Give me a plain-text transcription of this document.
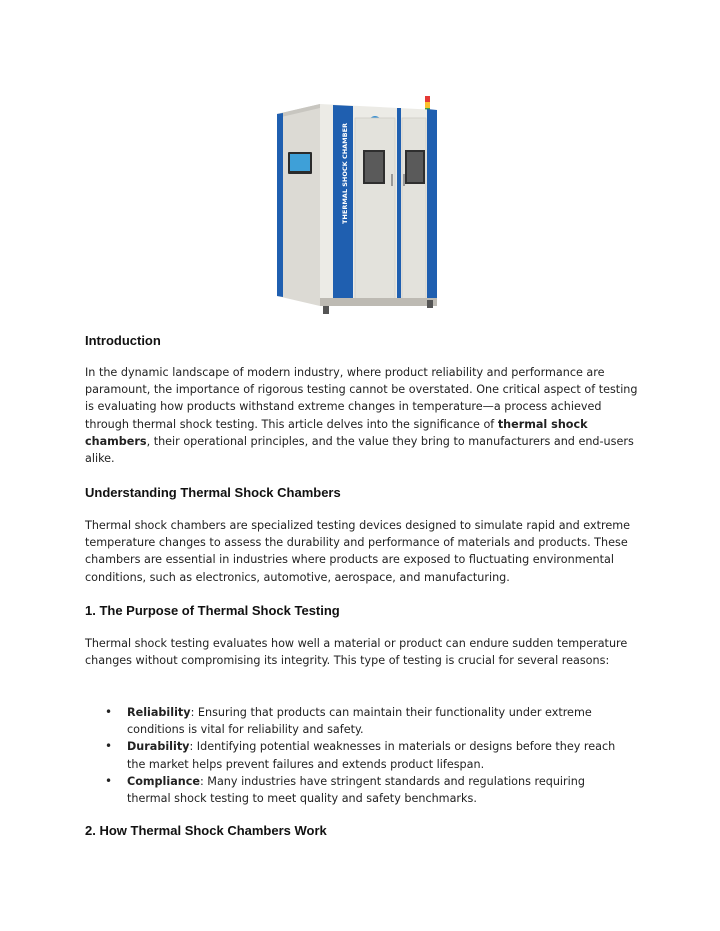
THERMAL SHOCK CHAMBER
Introduction

In the dynamic landscape of modern industry, where product reliability and performance are paramount, the importance of rigorous testing cannot be overstated. One critical aspect of testing is evaluating how products withstand extreme changes in temperature—a process achieved through thermal shock testing. This article delves into the significance of thermal shock chambers, their operational principles, and the value they bring to manufacturers and end-users alike.

Understanding Thermal Shock Chambers

Thermal shock chambers are specialized testing devices designed to simulate rapid and extreme temperature changes to assess the durability and performance of materials and products. These chambers are essential in industries where products are exposed to fluctuating environmental conditions, such as electronics, automotive, aerospace, and manufacturing.

1. The Purpose of Thermal Shock Testing

Thermal shock testing evaluates how well a material or product can endure sudden temperature changes without compromising its integrity. This type of testing is crucial for several reasons:

• Reliability: Ensuring that products can maintain their functionality under extreme conditions is vital for reliability and safety.
• Durability: Identifying potential weaknesses in materials or designs before they reach the market helps prevent failures and extends product lifespan.
• Compliance: Many industries have stringent standards and regulations requiring thermal shock testing to meet quality and safety benchmarks.
2. How Thermal Shock Chambers Work
